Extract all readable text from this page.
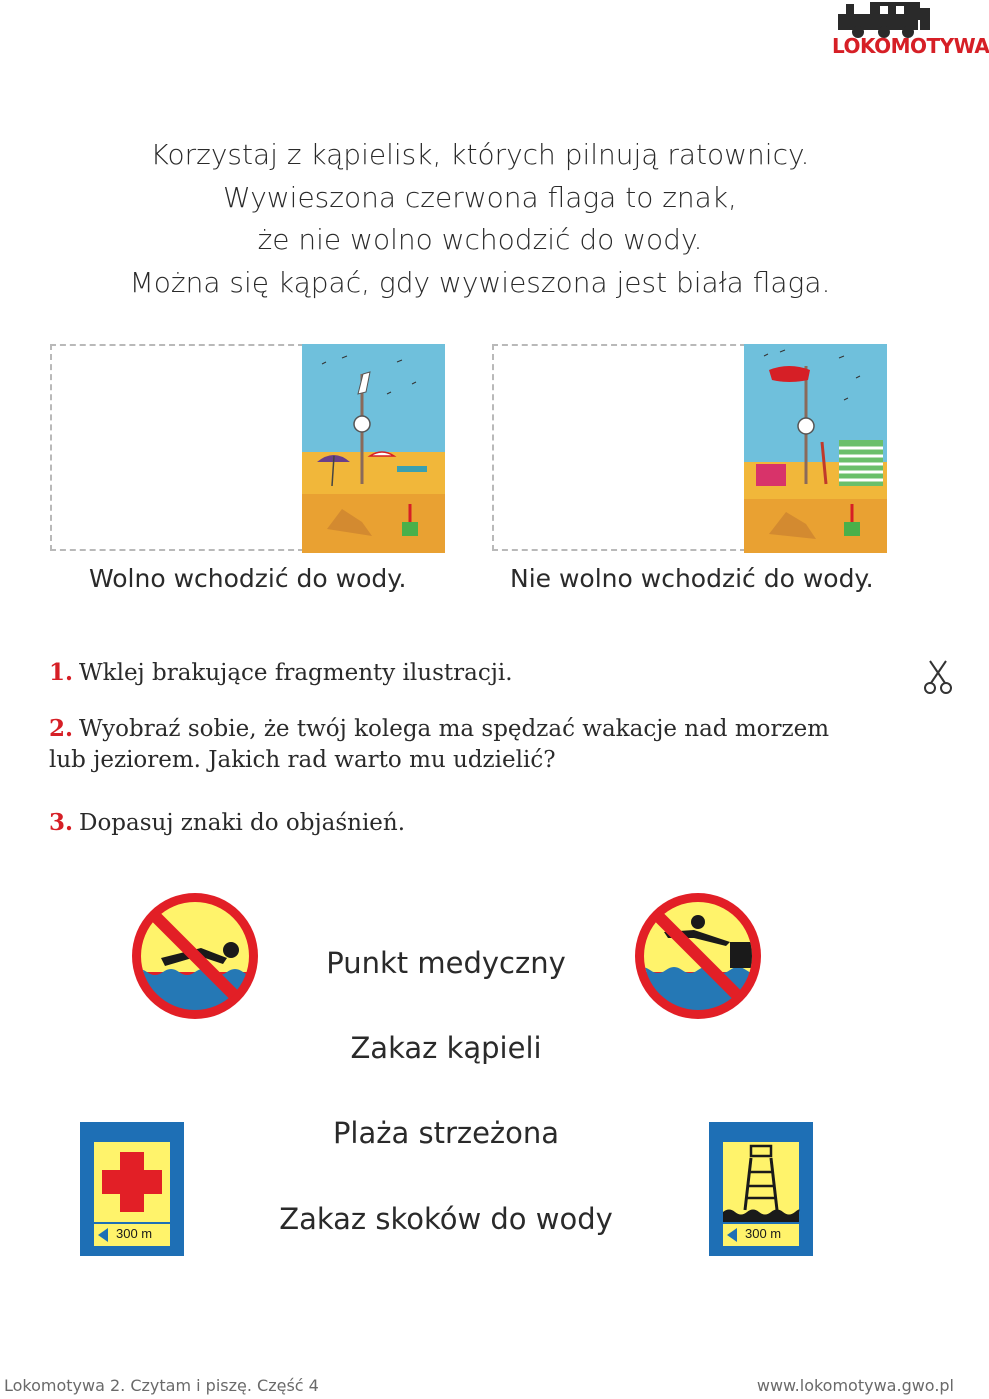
LOKOMOTYWA

Korzystaj z kąpielisk, których pilnują ratownicy.

Wywieszona czerwona flaga to znak,

że nie wolno wchodzić do wody.

Można się kąpać, gdy wywieszona jest biała flaga.

Wolno wchodzić do wody.	Nie wolno wchodzić do wody.
1. Wklej brakujące fragmenty ilustracji.
2. Wyobraź sobie, że twój kolega ma spędzać wakacje nad morzem
lub jeziorem. Jakich rad warto mu udzielić?
3. Dopasuj znaki do objaśnień.
300 m	300 m
Punkt medyczny
Zakaz kąpieli
Plaża strzeżona
Zakaz skoków do wody
Lokomotywa 2. Czytam i piszę. Część 4	www.lokomotywa.gwo.pl
